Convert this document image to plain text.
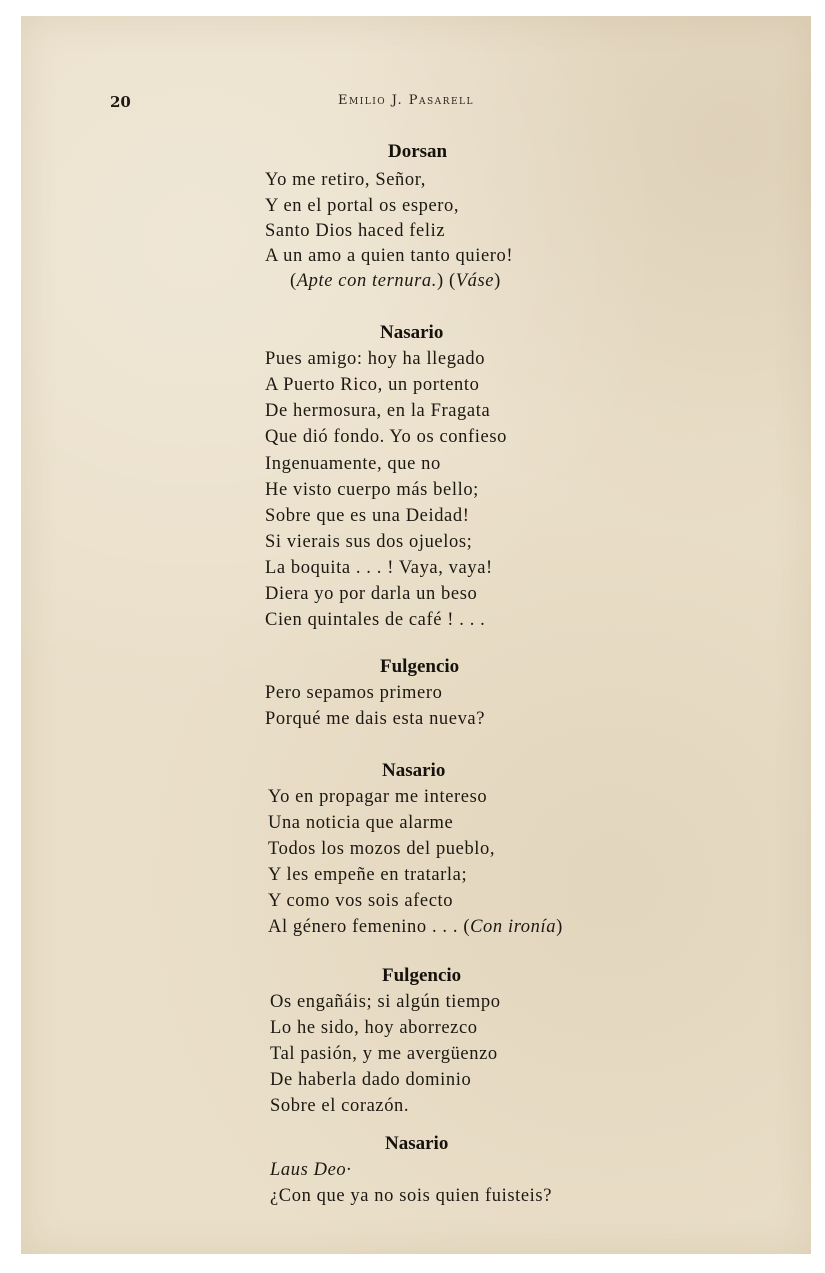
20	Emilio J. Pasarell
Dorsan
Yo me retiro, Señor,
Y en el portal os espero,
Santo Dios haced feliz
A un amo a quien tanto quiero!
(Apte con ternura.) (Váse)
Nasario
Pues amigo: hoy ha llegado
A Puerto Rico, un portento
De hermosura, en la Fragata
Que dió fondo. Yo os confieso
Ingenuamente, que no
He visto cuerpo más bello;
Sobre que es una Deidad!
Si vierais sus dos ojuelos;
La boquita . . . ! Vaya, vaya!
Diera yo por darla un beso
Cien quintales de café ! . . .
Fulgencio
Pero sepamos primero
Porqué me dais esta nueva?
Nasario
Yo en propagar me intereso
Una noticia que alarme
Todos los mozos del pueblo,
Y les empeñe en tratarla;
Y como vos sois afecto
Al género femenino . . . (Con ironía)
Fulgencio
Os engañáis; si algún tiempo
Lo he sido, hoy aborrezco
Tal pasión, y me avergüenzo
De haberla dado dominio
Sobre el corazón.
Nasario
Laus Deo·
¿Con que ya no sois quien fuisteis?
